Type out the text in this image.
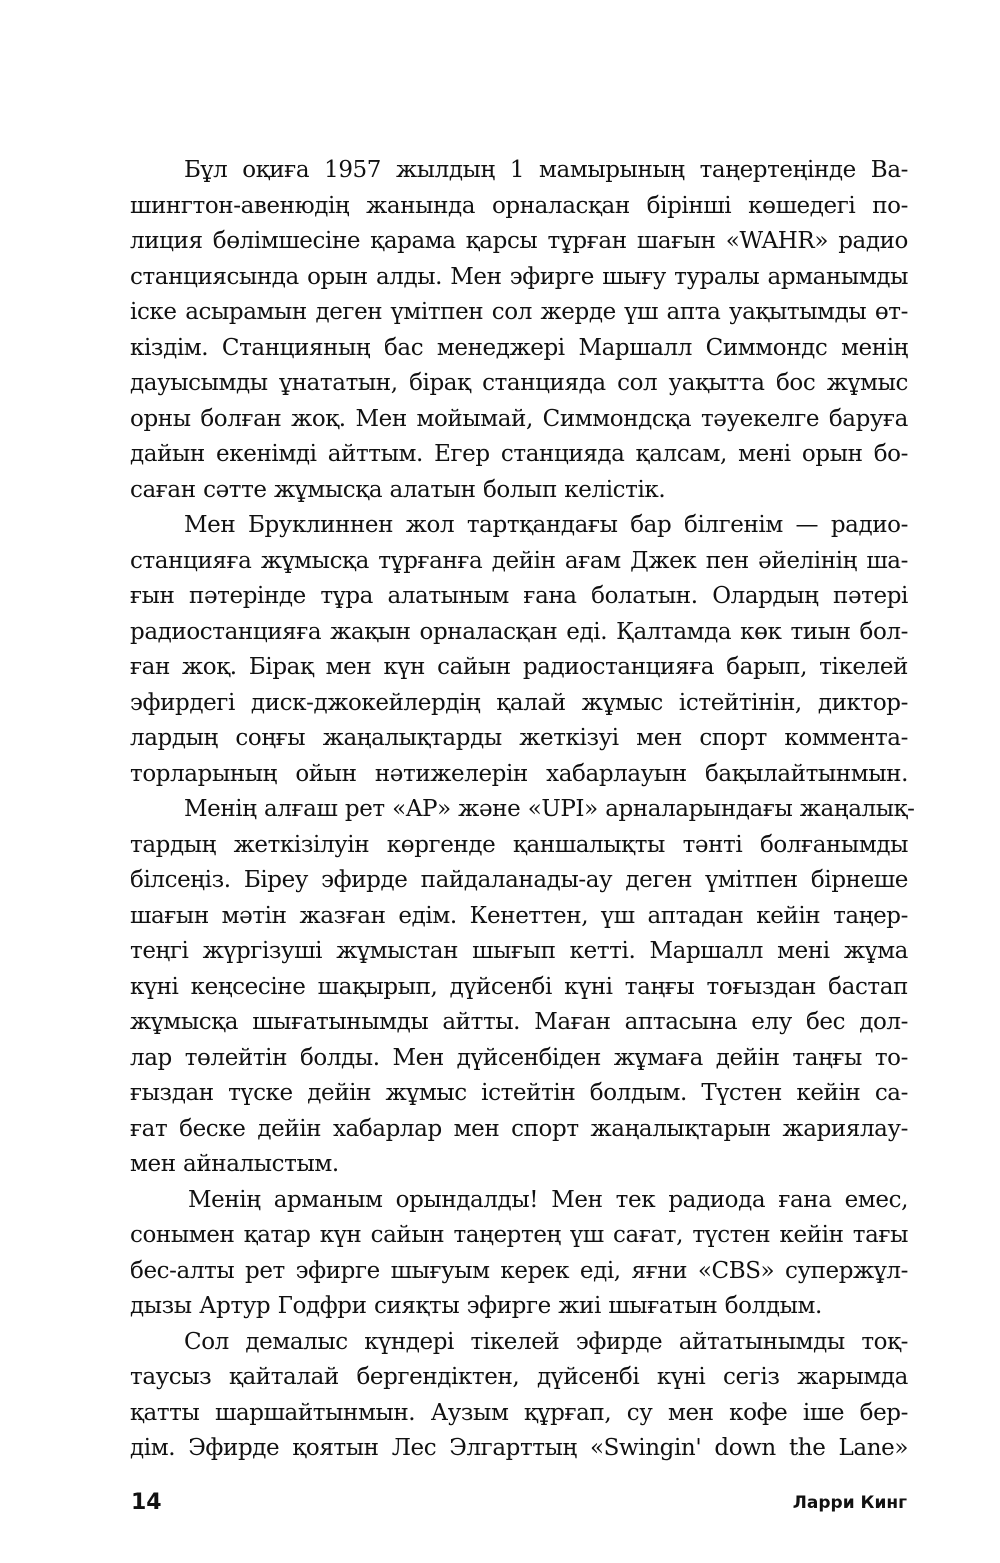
Бұл оқиға 1957 жылдың 1 мамырының таңертеңінде Ва-
шингтон-авенюдің жанында орналасқан бірінші көшедегі по-
лиция бөлімшесіне қарама қарсы тұрған шағын «WAHR» радио
станциясында орын алды. Мен эфирге шығу туралы арманымды
іске асырамын деген үмітпен сол жерде үш апта уақытымды өт-
кіздім. Станцияның бас менеджері Маршалл Симмондс менің
дауысымды ұнататын, бірақ станцияда сол уақытта бос жұмыс
орны болған жоқ. Мен мойымай, Симмондсқа тәуекелге баруға
дайын екенімді айттым. Егер станцияда қалсам, мені орын бо-
саған сәтте жұмысқа алатын болып келістік.
Мен Бруклиннен жол тартқандағы бар білгенім — радио-
станцияға жұмысқа тұрғанға дейін ағам Джек пен әйелінің ша-
ғын пәтерінде тұра алатыным ғана болатын. Олардың пәтері
радиостанцияға жақын орналасқан еді. Қалтамда көк тиын бол-
ған жоқ. Бірақ мен күн сайын радиостанцияға барып, тікелей
эфирдегі диск-джокейлердің қалай жұмыс істейтінін, диктор-
лардың соңғы жаңалықтарды жеткізуі мен спорт коммента-
торларының ойын нәтижелерін хабарлауын бақылайтынмын.
Менің алғаш рет «AP» және «UPI» арналарындағы жаңалық-
тардың жеткізілуін көргенде қаншалықты тәнті болғанымды
білсеңіз. Біреу эфирде пайдаланады-ау деген үмітпен бірнеше
шағын мәтін жазған едім. Кенеттен, үш аптадан кейін таңер-
теңгі жүргізуші жұмыстан шығып кетті. Маршалл мені жұма
күні кеңсесіне шақырып, дүйсенбі күні таңғы тоғыздан бастап
жұмысқа шығатынымды айтты. Маған аптасына елу бес дол-
лар төлейтін болды. Мен дүйсенбіден жұмаға дейін таңғы то-
ғыздан түске дейін жұмыс істейтін болдым. Түстен кейін са-
ғат беске дейін хабарлар мен спорт жаңалықтарын жариялау-
мен айналыстым.
Менің арманым орындалды! Мен тек радиода ғана емес,
сонымен қатар күн сайын таңертең үш сағат, түстен кейін тағы
бес-алты рет эфирге шығуым керек еді, яғни «CBS» супержұл-
дызы Артур Годфри сияқты эфирге жиі шығатын болдым.
Сол демалыс күндері тікелей эфирде айтатынымды тоқ-
таусыз қайталай бергендіктен, дүйсенбі күні сегіз жарымда
қатты шаршайтынмын. Аузым құрғап, су мен кофе іше бер-
дім. Эфирде қоятын Лес Элгарттың «Swingin' down the Lane»
14	Ларри Кинг
